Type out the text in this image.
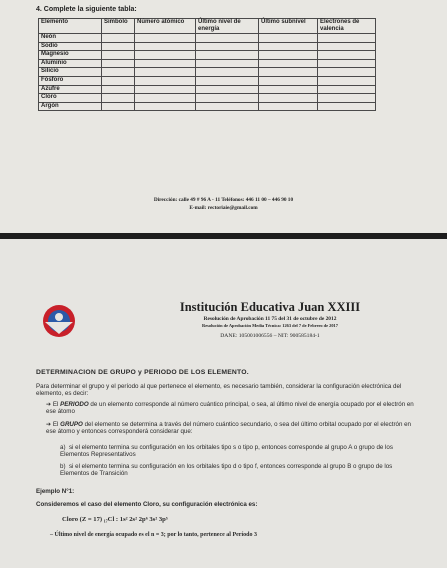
4. Complete la siguiente tabla:
Elemento	Símbolo	Número atómico	Último nivel de energía	Último subnivel	Electrones de valencia
Neón					
Sodio					
Magnesio					
Aluminio					
Silicio					
Fósforo					
Azufre					
Cloro					
Argón					
Dirección: calle 49 # 96 A - 11 Teléfonos: 446 11 00 – 446 90 10
E-mail: rectoriaie@gmail.com
Institución Educativa Juan XXIII
Resolución de Aprobación 11 75 del 31 de octubre de 2012
Resolución de Aprobación Media Técnica: 1263 del 7 de Febrero de 2017
DANE: 105001006556 – NIT: 900585184-1
DETERMINACION DE GRUPO y PERIODO DE LOS ELEMENTO.
Para determinar el grupo y el período al que pertenece el elemento, es necesario también, considerar la configuración electrónica del elemento, es decir:
➔ El PERIODO de un elemento corresponde al número cuántico principal, o sea, al último nivel de energía ocupado por el electrón en ese átomo
➔ El GRUPO del elemento se determina a través del número cuántico secundario, o sea del último orbital ocupado por el electrón en ese átomo y entonces corresponderá considerar que:
a)  si el elemento termina su configuración en los orbitales tipo s o tipo p, entonces corresponde al grupo A o grupo de los Elementos Representativos
b)  si el elemento termina su configuración en los orbitales tipo d o tipo f, entonces corresponde al grupo B o grupo de los Elementos de Transición
Ejemplo N°1:
Consideremos el caso del elemento Cloro, su configuración electrónica es:
Cloro (Z = 17) ₁₇Cl : 1s² 2s² 2p⁶ 3s² 3p⁵
– Último nivel de energía ocupado es el n = 3; por lo tanto, pertenece al Período 3
